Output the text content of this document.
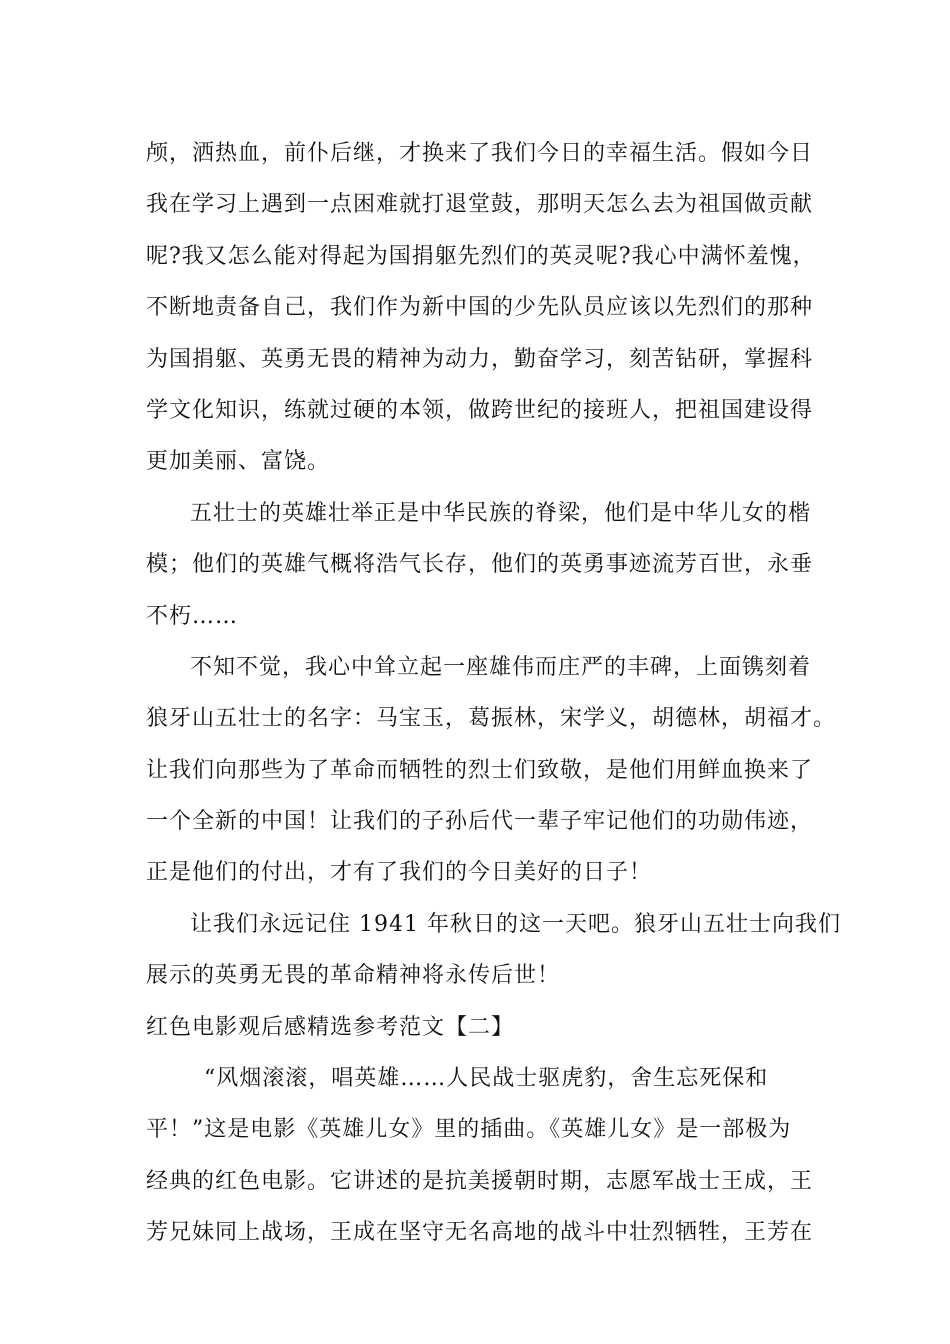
颅，洒热血，前仆后继，才换来了我们今日的幸福生活。假如今日
我在学习上遇到一点困难就打退堂鼓，那明天怎么去为祖国做贡献
呢?我又怎么能对得起为国捐躯先烈们的英灵呢?我心中满怀羞愧，
不断地责备自己，我们作为新中国的少先队员应该以先烈们的那种
为国捐躯、英勇无畏的精神为动力，勤奋学习，刻苦钻研，掌握科
学文化知识，练就过硬的本领，做跨世纪的接班人，把祖国建设得
更加美丽、富饶。
五壮士的英雄壮举正是中华民族的脊梁，他们是中华儿女的楷
模；他们的英雄气概将浩气长存，他们的英勇事迹流芳百世，永垂
不朽……
不知不觉，我心中耸立起一座雄伟而庄严的丰碑，上面镌刻着
狼牙山五壮士的名字：马宝玉，葛振林，宋学义，胡德林，胡福才。
让我们向那些为了革命而牺牲的烈士们致敬，是他们用鲜血换来了
一个全新的中国！让我们的子孙后代一辈子牢记他们的功勋伟迹，
正是他们的付出，才有了我们的今日美好的日子！
让我们永远记住 1941 年秋日的这一天吧。狼牙山五壮士向我们
展示的英勇无畏的革命精神将永传后世！
红色电影观后感精选参考范文【二】
“风烟滚滚，唱英雄……人民战士驱虎豹，舍生忘死保和
平！”这是电影《英雄儿女》里的插曲。《英雄儿女》是一部极为
经典的红色电影。它讲述的是抗美援朝时期，志愿军战士王成，王
芳兄妹同上战场，王成在坚守无名高地的战斗中壮烈牺牲，王芳在
